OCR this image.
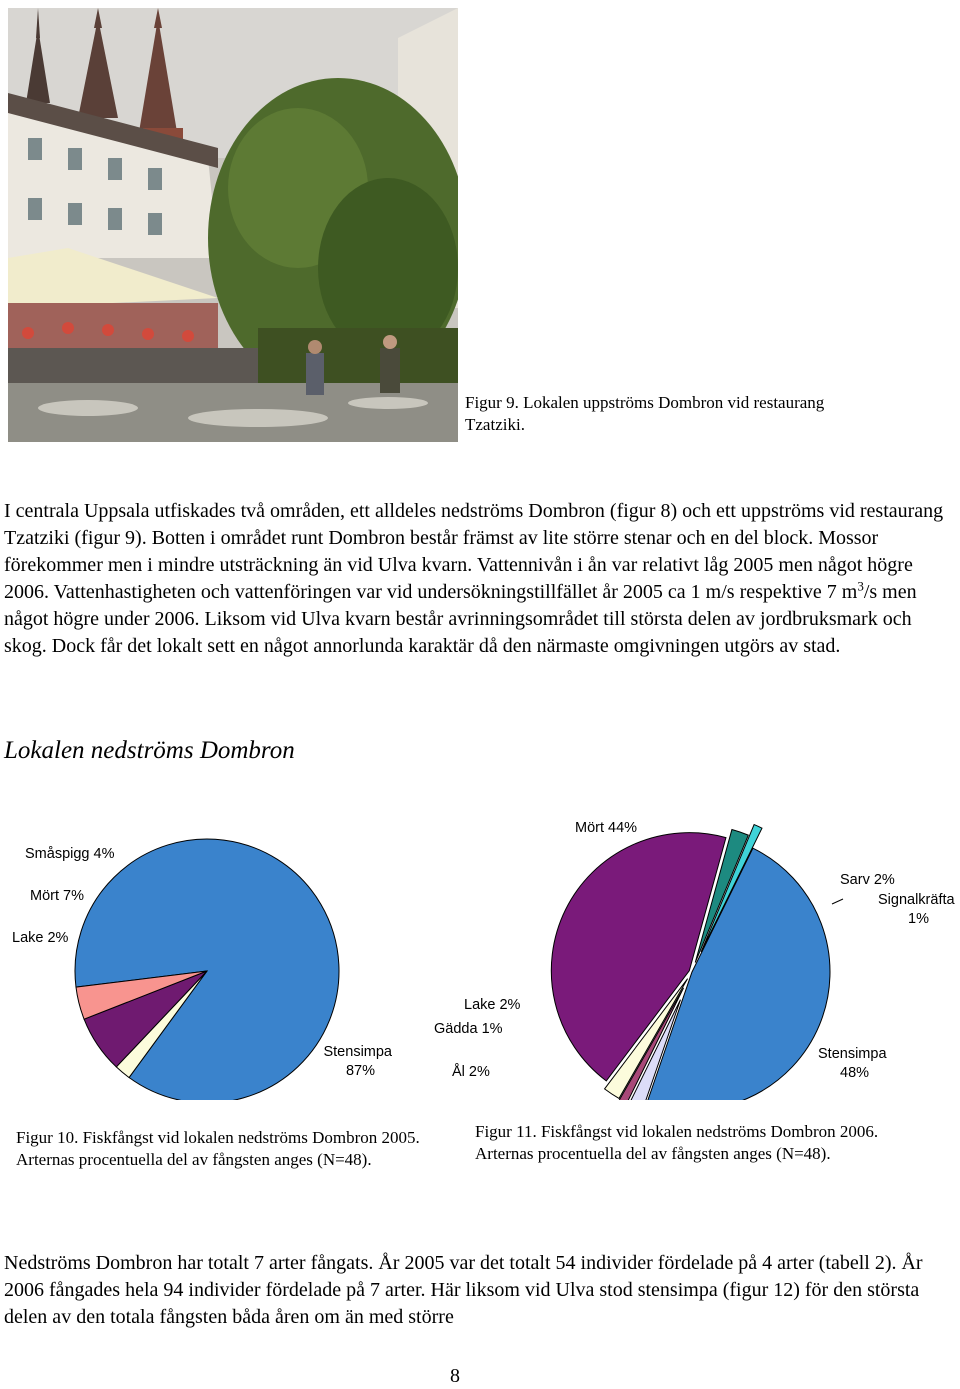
Figur 9. Lokalen uppströms Dombron vid restaurang Tzatziki.

I centrala Uppsala utfiskades två områden, ett alldeles nedströms Dombron (figur 8) och ett uppströms vid restaurang Tzatziki (figur 9). Botten i området runt Dombron består främst av lite större stenar och en del block. Mossor förekommer men i mindre utsträckning än vid Ulva kvarn. Vattennivån i ån var relativt låg 2005 men något högre 2006. Vattenhastigheten och vattenföringen var vid undersökningstillfället år 2005 ca 1 m/s respektive 7 $m^3/s$ men något högre under 2006. Liksom vid Ulva kvarn består avrinningsområdet till största delen av jordbruksmark och skog. Dock får det lokalt sett en något annorlunda karaktär då den närmaste omgivningen utgörs av stad.

Lokalen nedströms Dombron
Småspigg 4%
Mört 7%
Lake 2%
Stensimpa
87%
Mört 44%
Sarv 2%
Signalkräfta
1%
Stensimpa
48%
Lake 2%
Gädda 1%
Ål 2%
Figur 10. Fiskfångst vid lokalen nedströms Dombron 2005. Arternas procentuella del av fångsten anges (N=48).
Figur 11. Fiskfångst vid lokalen nedströms Dombron 2006. Arternas procentuella del av fångsten anges (N=48).

Nedströms Dombron har totalt 7 arter fångats. År 2005 var det totalt 54 individer fördelade på 4 arter (tabell 2). År 2006 fångades hela 94 individer fördelade på 7 arter. Här liksom vid Ulva stod stensimpa (figur 12) för den största delen av den totala fångsten båda åren om än med större

8
